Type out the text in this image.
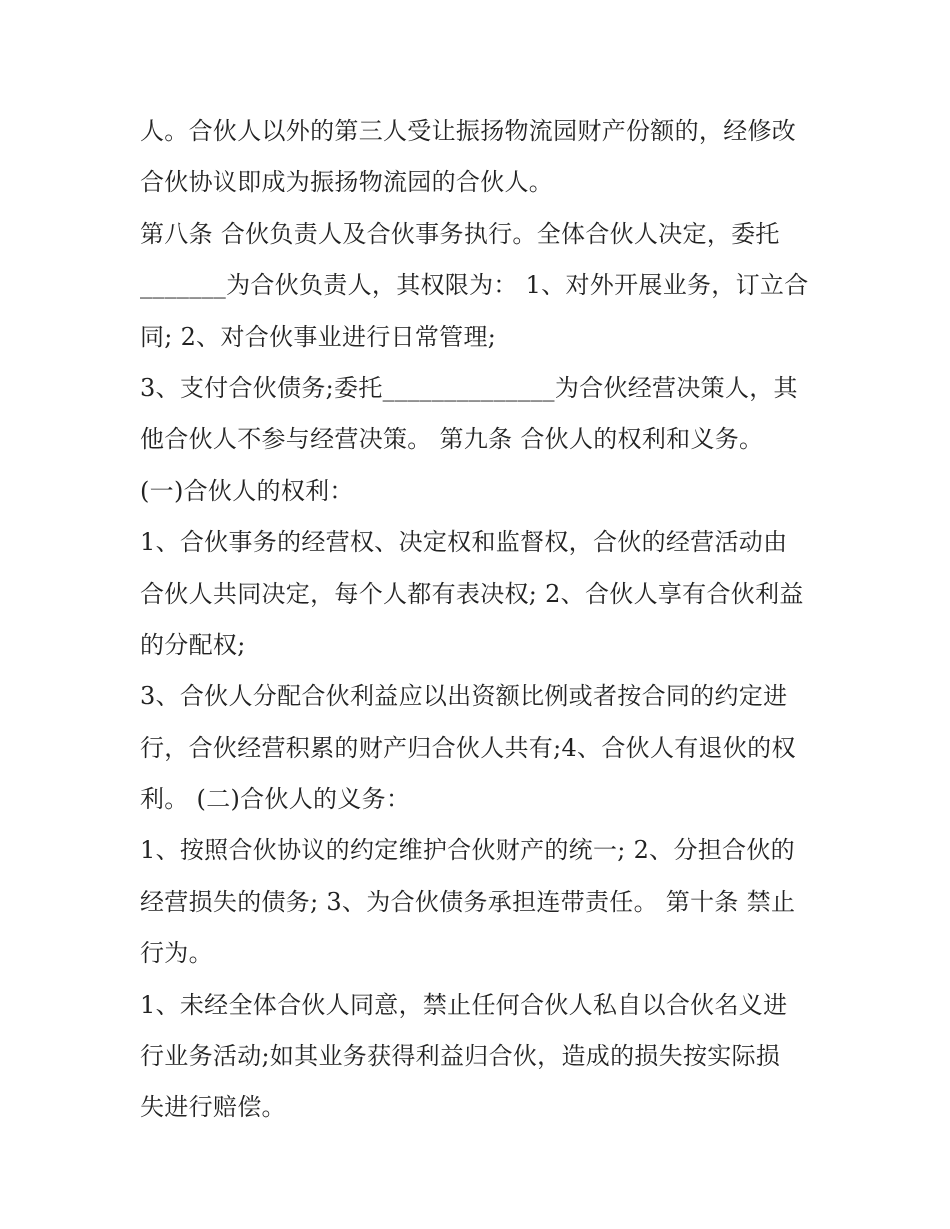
人。合伙人以外的第三人受让振扬物流园财产份额的，经修改
合伙协议即成为振扬物流园的合伙人。
第八条 合伙负责人及合伙事务执行。全体合伙人决定，委托
_______为合伙负责人，其权限为： 1、对外开展业务，订立合
同; 2、对合伙事业进行日常管理;
3、支付合伙债务;委托______________为合伙经营决策人，其
他合伙人不参与经营决策。 第九条 合伙人的权利和义务。
(一)合伙人的权利：
1、合伙事务的经营权、决定权和监督权，合伙的经营活动由
合伙人共同决定，每个人都有表决权; 2、合伙人享有合伙利益
的分配权;
3、合伙人分配合伙利益应以出资额比例或者按合同的约定进
行，合伙经营积累的财产归合伙人共有;4、合伙人有退伙的权
利。 (二)合伙人的义务：
1、按照合伙协议的约定维护合伙财产的统一; 2、分担合伙的
经营损失的债务; 3、为合伙债务承担连带责任。 第十条 禁止
行为。
1、未经全体合伙人同意，禁止任何合伙人私自以合伙名义进
行业务活动;如其业务获得利益归合伙，造成的损失按实际损
失进行赔偿。
